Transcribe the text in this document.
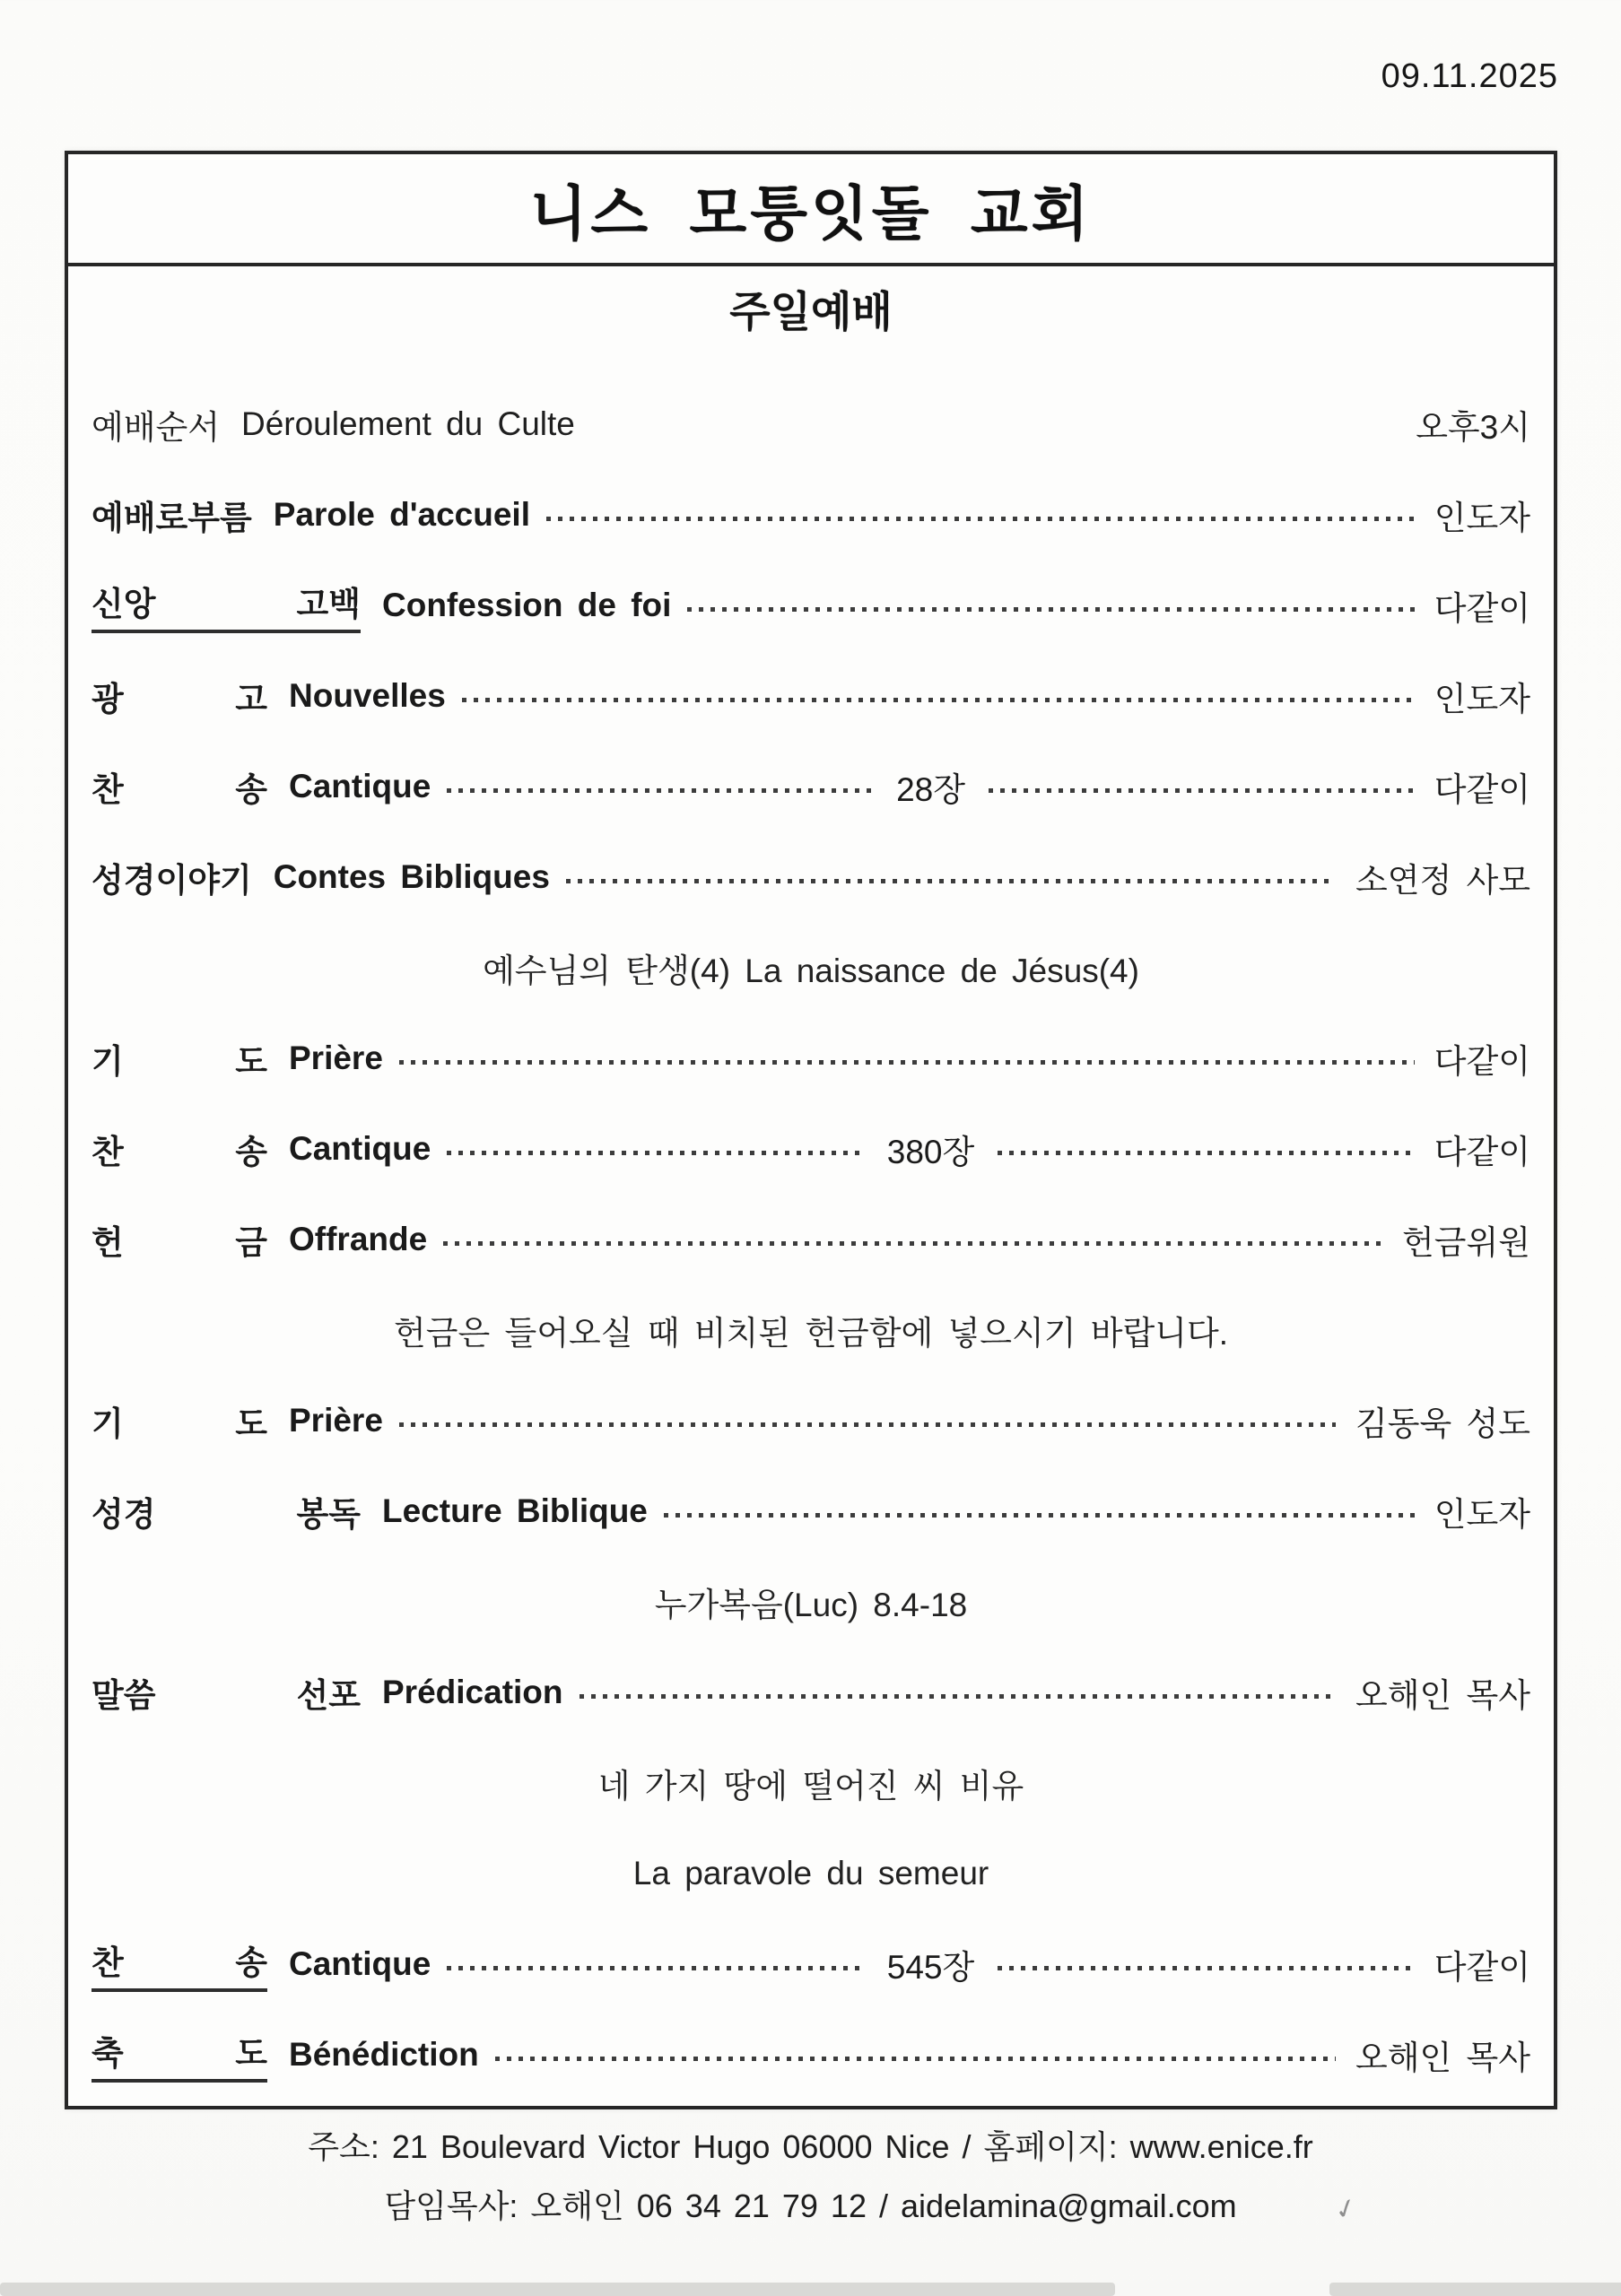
09.11.2025
니스 모퉁잇돌 교회
주일예배
예배순서 Déroulement du Culte	오후3시
예배로부름 Parole d'accueil	인도자
신앙	고백 Confession de foi	다같이
광	고 Nouvelles	인도자
찬	송 Cantique	28장	다같이
성경이야기 Contes Bibliques	소연정 사모
예수님의 탄생(4) La naissance de Jésus(4)
기	도 Prière	다같이
찬	송 Cantique	380장	다같이
헌	금 Offrande	헌금위원
헌금은 들어오실 때 비치된 헌금함에 넣으시기 바랍니다.
기	도 Prière	김동욱 성도
성경	봉독 Lecture Biblique	인도자
누가복음(Luc) 8.4-18
말씀	선포 Prédication	오해인 목사
네 가지 땅에 떨어진 씨 비유
La paravole du semeur
찬	송 Cantique	545장	다같이
축	도 Bénédiction	오해인 목사
주소: 21 Boulevard Victor Hugo 06000 Nice / 홈페이지: www.enice.fr
담임목사: 오해인 06 34 21 79 12 / aidelamina@gmail.com	✓
